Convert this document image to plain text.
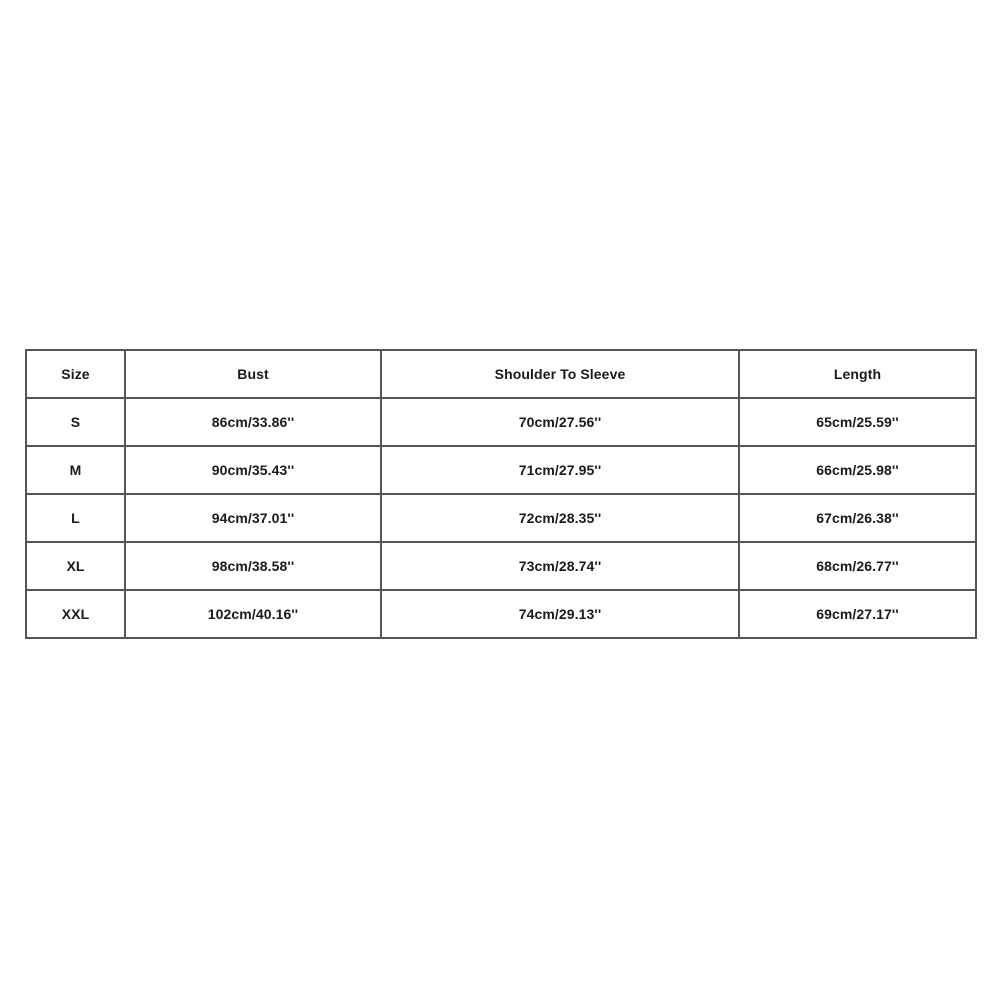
Size	Bust	Shoulder To Sleeve	Length
S	86cm/33.86''	70cm/27.56''	65cm/25.59''
M	90cm/35.43''	71cm/27.95''	66cm/25.98''
L	94cm/37.01''	72cm/28.35''	67cm/26.38''
XL	98cm/38.58''	73cm/28.74''	68cm/26.77''
XXL	102cm/40.16''	74cm/29.13''	69cm/27.17''
